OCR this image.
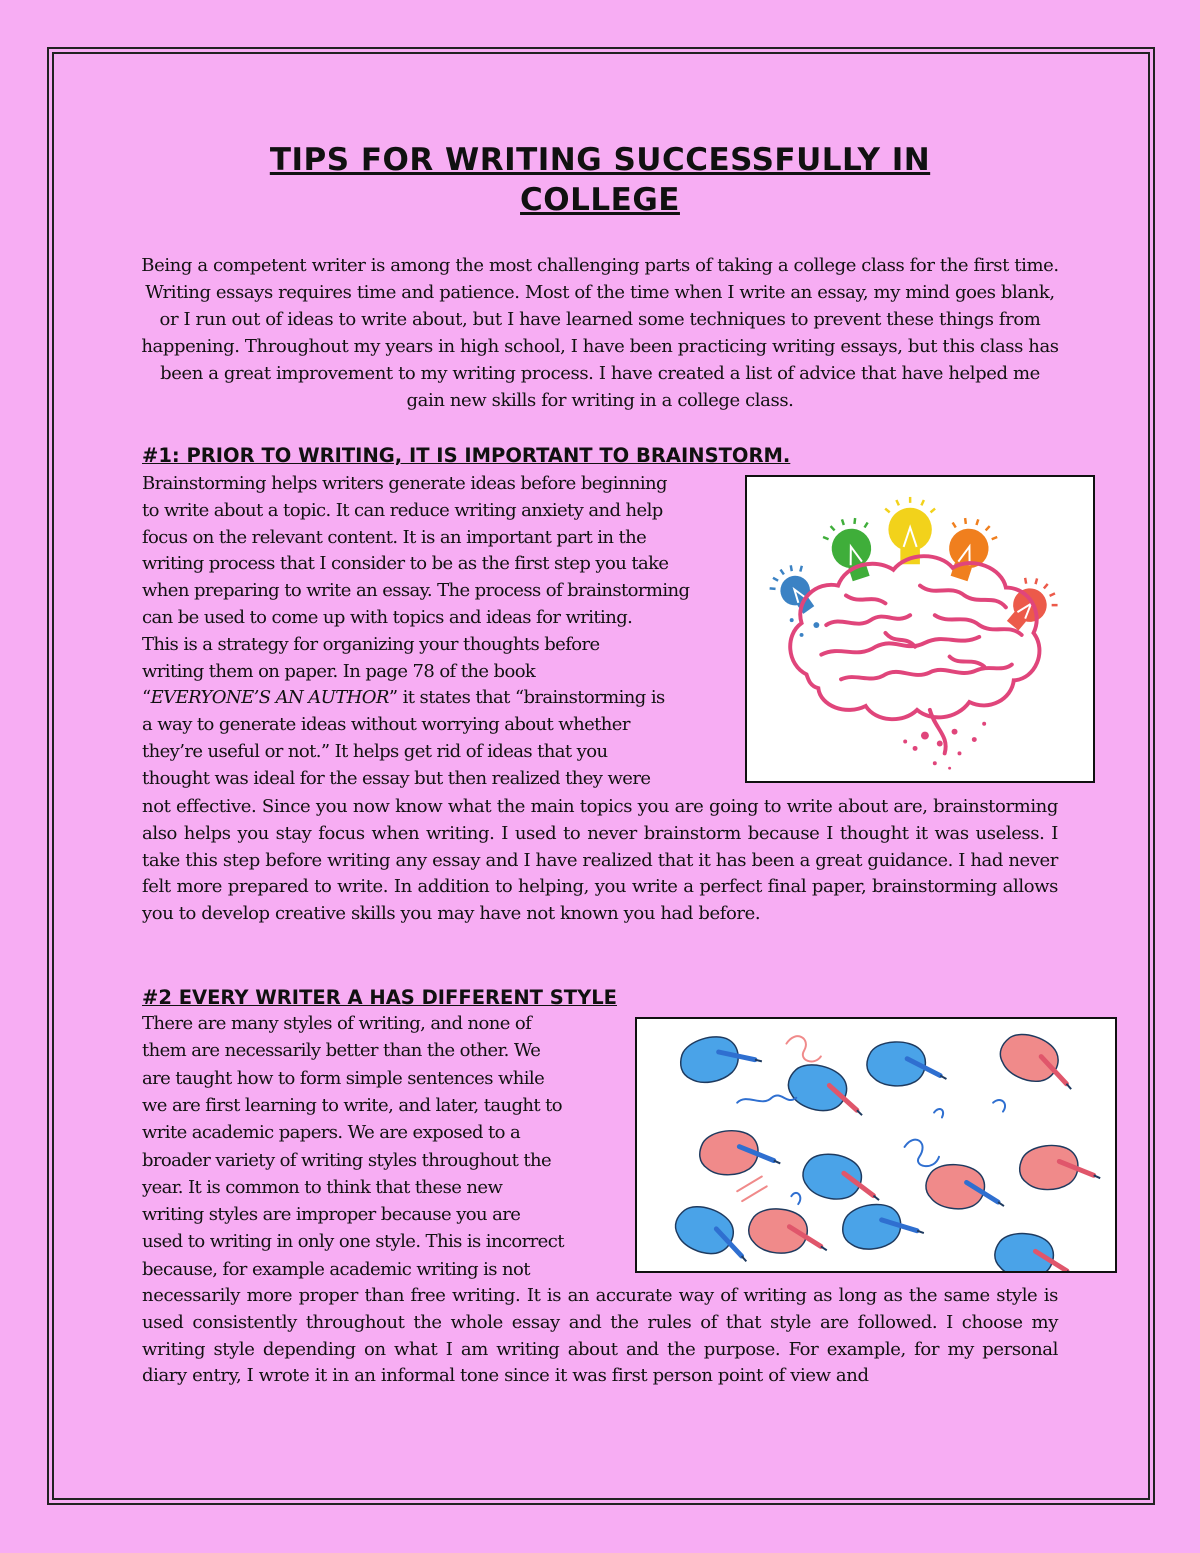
TIPS FOR WRITING SUCCESSFULLY IN
COLLEGE

Being a competent writer is among the most challenging parts of taking a college class for the first time. Writing essays requires time and patience. Most of the time when I write an essay, my mind goes blank, or I run out of ideas to write about, but I have learned some techniques to prevent these things from happening. Throughout my years in high school, I have been practicing writing essays, but this class has been a great improvement to my writing process. I have created a list of advice that have helped me gain new skills for writing in a college class.

#1: PRIOR TO WRITING, IT IS IMPORTANT TO BRAINSTORM.

Brainstorming helps writers generate ideas before beginning

to write about a topic. It can reduce writing anxiety and help

focus on the relevant content. It is an important part in the

writing process that I consider to be as the first step you take

when preparing to write an essay. The process of brainstorming

can be used to come up with topics and ideas for writing.

This is a strategy for organizing your thoughts before

writing them on paper. In page 78 of the book

a way to generate ideas without worrying about whether

they’re useful or not.” It helps get rid of ideas that you

thought was ideal for the essay but then realized they were

“EVERYONE’S AN AUTHOR” it states that “brainstorming is

not effective. Since you now know what the main topics you are going to write about are, brainstorming also helps you stay focus when writing. I used to never brainstorm because I thought it was useless. I take this step before writing any essay and I have realized that it has been a great guidance. I had never felt more prepared to write. In addition to helping, you write a perfect final paper, brainstorming allows you to develop creative skills you may have not known you had before.

#2 EVERY WRITER A HAS DIFFERENT STYLE

There are many styles of writing, and none of

them are necessarily better than the other. We

are taught how to form simple sentences while

we are first learning to write, and later, taught to

write academic papers. We are exposed to a

broader variety of writing styles throughout the

year. It is common to think that these new

writing styles are improper because you are

used to writing in only one style. This is incorrect

because, for example academic writing is not

necessarily more proper than free writing. It is an accurate way of writing as long as the same style is used consistently throughout the whole essay and the rules of that style are followed. I choose my writing style depending on what I am writing about and the purpose. For example, for my personal diary entry, I wrote it in an informal tone since it was first person point of view and
